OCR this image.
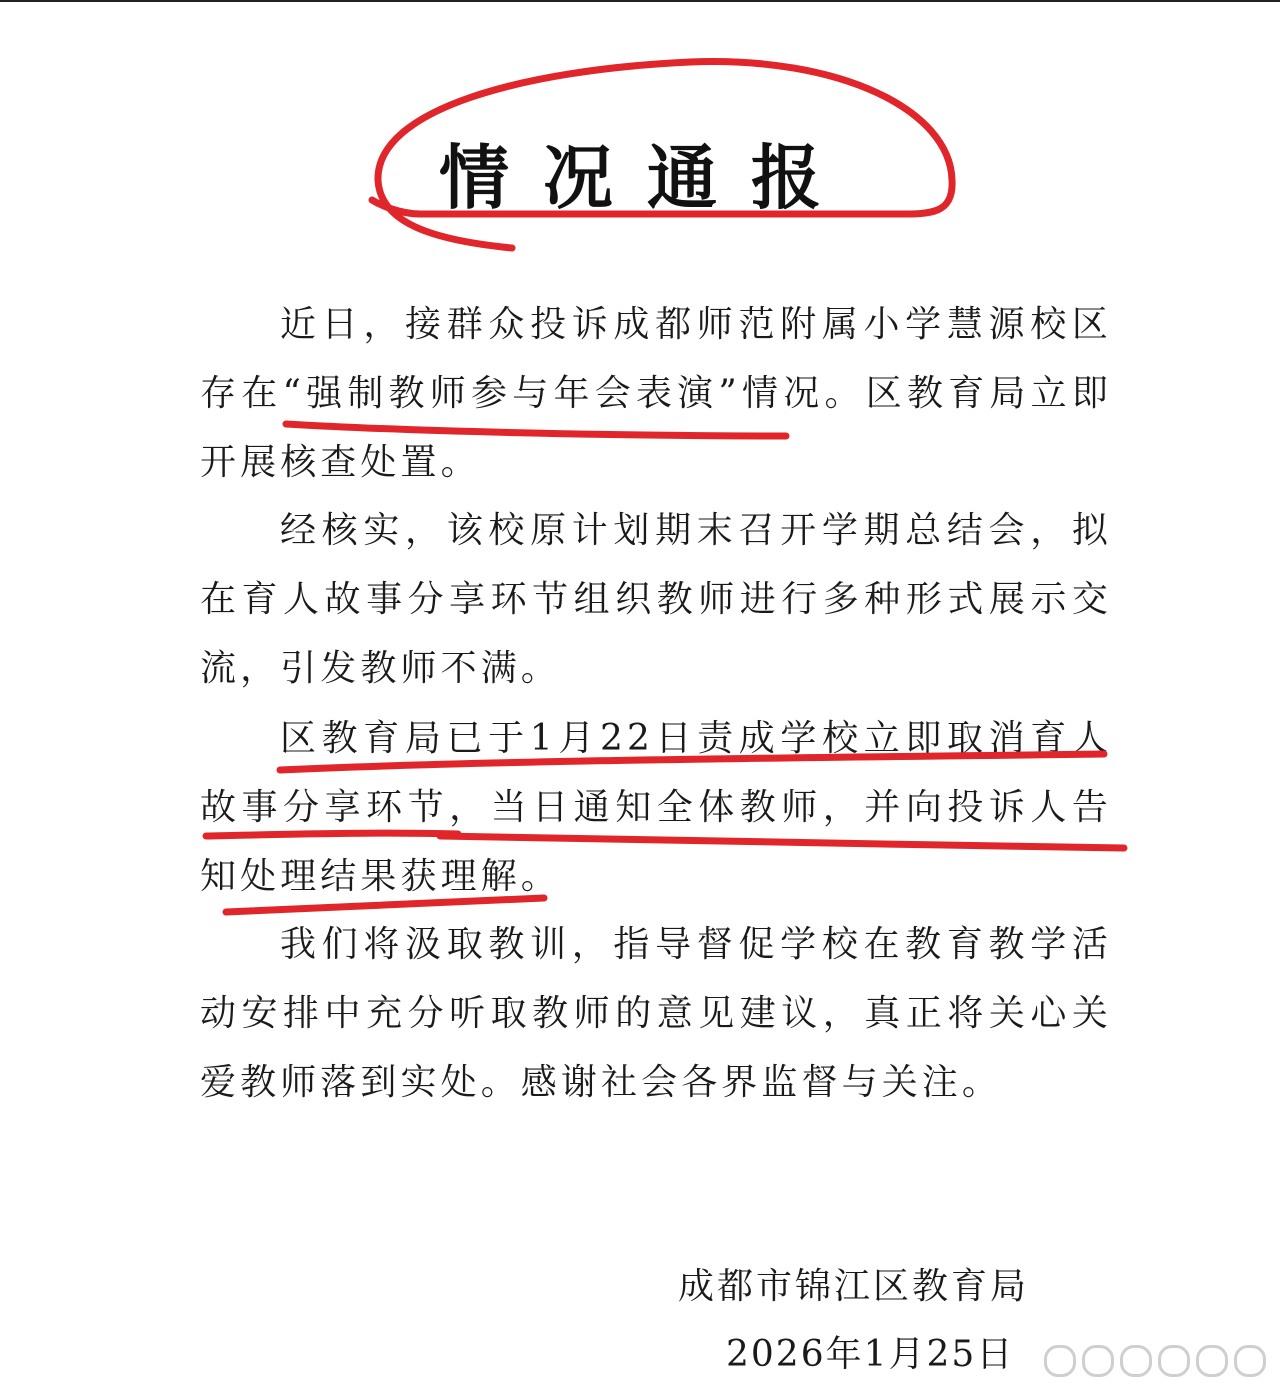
情况通报

近日，接群众投诉成都师范附属小学慧源校区存在“强制教师参与年会表演”情况。区教育局立即开展核查处置。

经核实，该校原计划期末召开学期总结会，拟在育人故事分享环节组织教师进行多种形式展示交流，引发教师不满。

区教育局已于1月22日责成学校立即取消育人故事分享环节，当日通知全体教师，并向投诉人告知处理结果获理解。

我们将汲取教训，指导督促学校在教育教学活动安排中充分听取教师的意见建议，真正将关心关爱教师落到实处。感谢社会各界监督与关注。

成都市锦江区教育局
2026年1月25日
